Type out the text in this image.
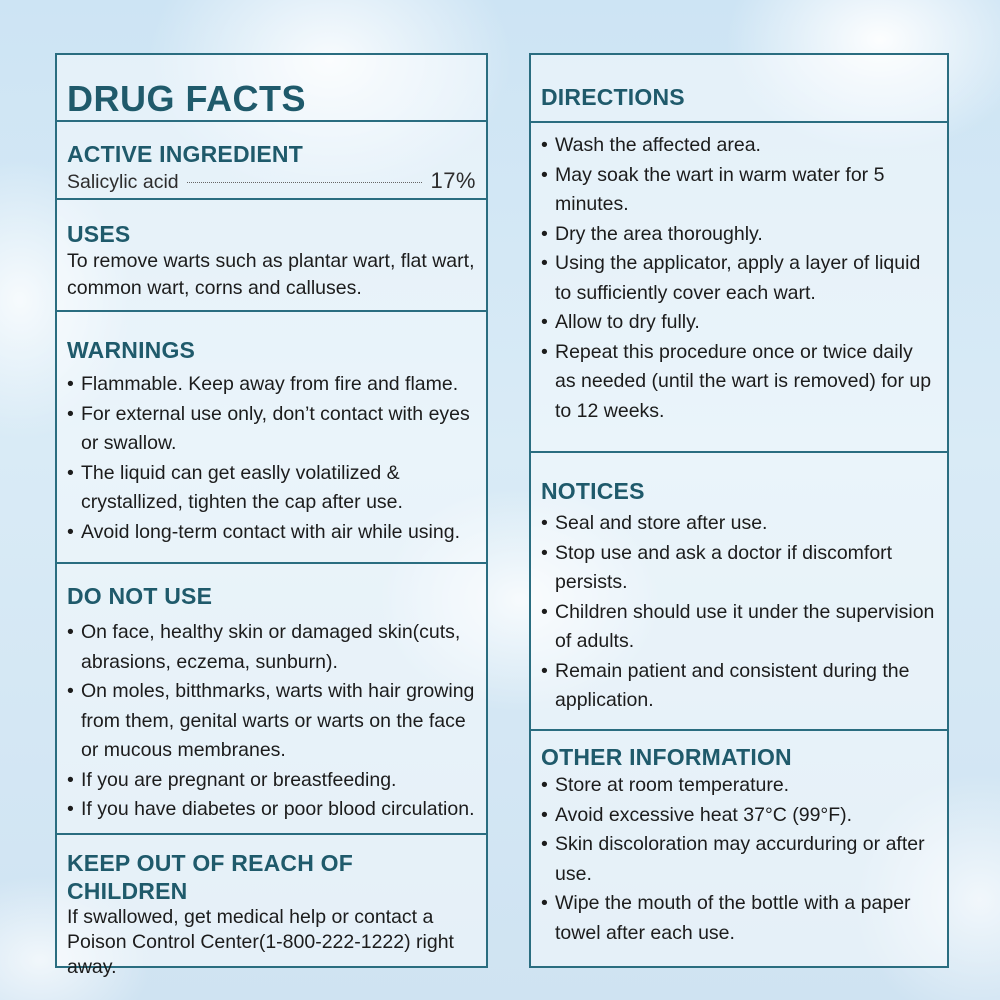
DRUG FACTS
ACTIVE INGREDIENT
Salicylic acid	17%
USES

To remove warts such as plantar wart, flat wart, common wart, corns and calluses.

WARNINGS
• Flammable. Keep away from fire and flame.
• For external use only, don’t contact with eyes or swallow.
• The liquid can get easlly volatilized & crystallized, tighten the cap after use.
• Avoid long-term contact with air while using.
DO NOT USE
• On face, healthy skin or damaged skin(cuts, abrasions, eczema, sunburn).
• On moles, bitthmarks, warts with hair growing from them, genital warts or warts on the face or mucous membranes.
• If you are pregnant or breastfeeding.
• If you have diabetes or poor blood circulation.
KEEP OUT OF REACH OF CHILDREN

If swallowed, get medical help or contact a Poison Control Center(1-800-222-1222) right away.

DIRECTIONS
• Wash the affected area.
• May soak the wart in warm water for 5 minutes.
• Dry the area thoroughly.
• Using the applicator, apply a layer of liquid to sufficiently cover each wart.
• Allow to dry fully.
• Repeat this procedure once or twice daily as needed (until the wart is removed) for up to 12 weeks.
NOTICES
• Seal and store after use.
• Stop use and ask a doctor if discomfort persists.
• Children should use it under the supervision of adults.
• Remain patient and consistent during the application.
OTHER INFORMATION
• Store at room temperature.
• Avoid excessive heat 37°C (99°F).
• Skin discoloration may accurduring or after use.
• Wipe the mouth of the bottle with a paper towel after each use.
